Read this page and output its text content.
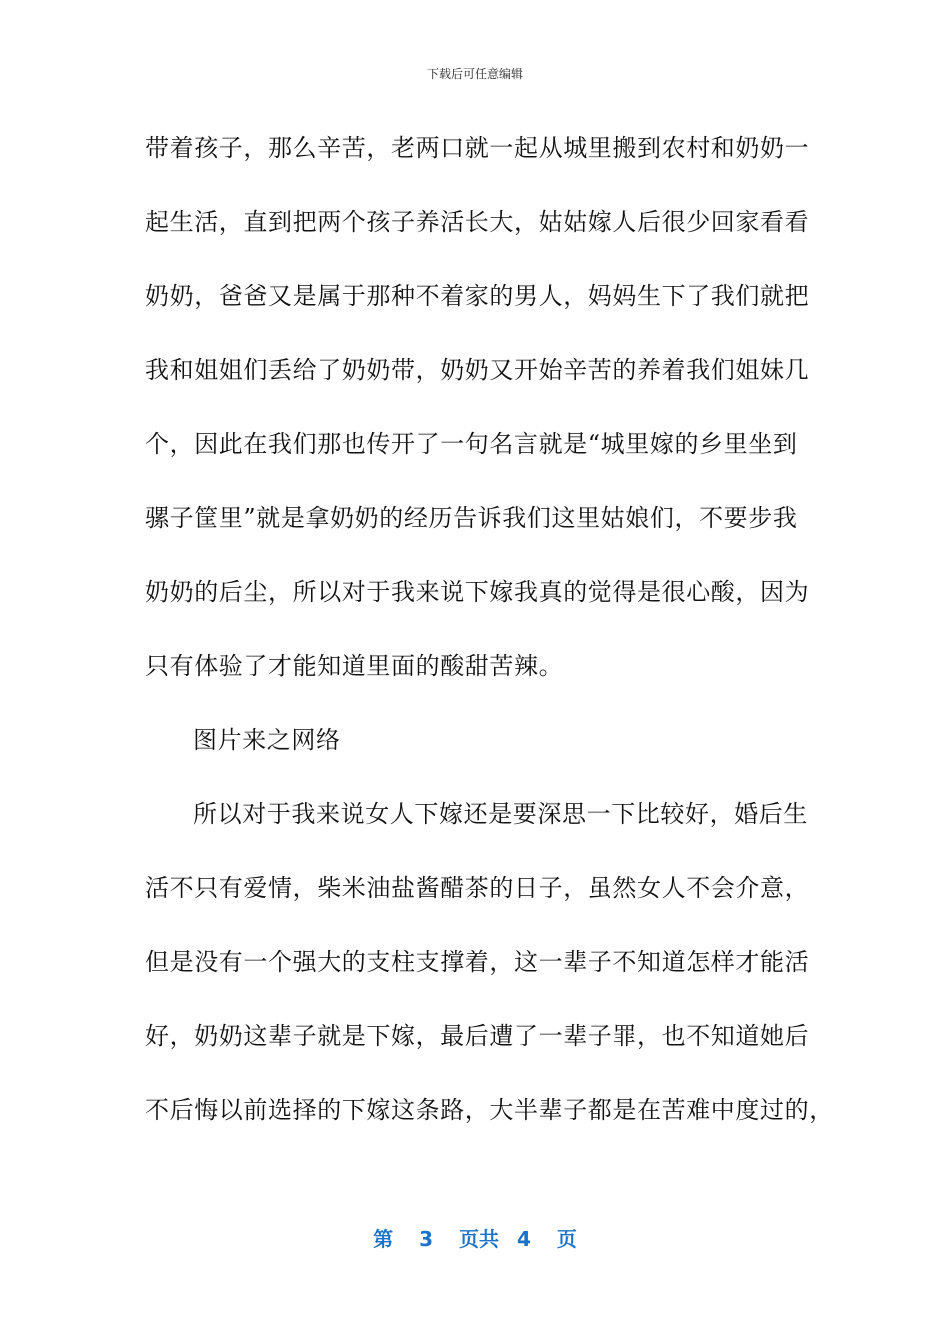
下载后可任意编辑
带着孩子，那么辛苦，老两口就一起从城里搬到农村和奶奶一
起生活，直到把两个孩子养活长大，姑姑嫁人后很少回家看看
奶奶，爸爸又是属于那种不着家的男人，妈妈生下了我们就把
我和姐姐们丢给了奶奶带，奶奶又开始辛苦的养着我们姐妹几
个，因此在我们那也传开了一句名言就是“城里嫁的乡里坐到
骡子筐里”就是拿奶奶的经历告诉我们这里姑娘们，不要步我
奶奶的后尘，所以对于我来说下嫁我真的觉得是很心酸，因为
只有体验了才能知道里面的酸甜苦辣。
图片来之网络
所以对于我来说女人下嫁还是要深思一下比较好，婚后生
活不只有爱情，柴米油盐酱醋茶的日子，虽然女人不会介意，
但是没有一个强大的支柱支撑着，这一辈子不知道怎样才能活
好，奶奶这辈子就是下嫁，最后遭了一辈子罪，也不知道她后
不后悔以前选择的下嫁这条路，大半辈子都是在苦难中度过的，
第 3 页共 4 页
